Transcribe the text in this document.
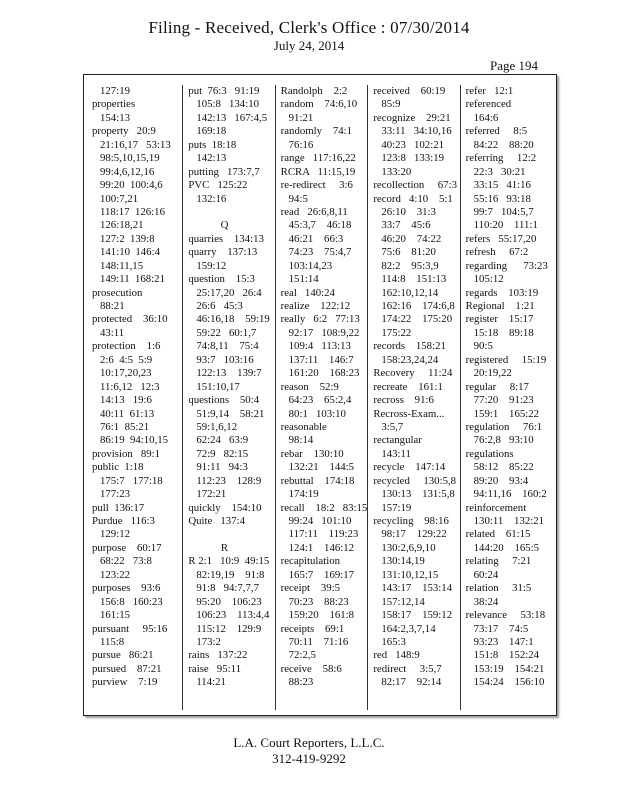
Filing - Received, Clerk's Office : 07/30/2014
July 24, 2014
Page 194
127:19
properties
154:13
property   20:9
21:16,17   53:13
98:5,10,15,19
99:4,6,12,16
99:20  100:4,6
100:7,21
118:17  126:16
126:18,21
127:2  139:8
141:10  146:4
148:11,15
149:11  168:21
prosecution
88:21
protected    36:10
43:11
protection    1:6
2:6  4:5  5:9
10:17,20,23
11:6,12   12:3
14:13   19:6
40:11  61:13
76:1  85:21
86:19  94:10,15
provision   89:1
public  1:18
175:7   177:18
177:23
pull  136:17
Purdue   116:3
129:12
purpose    60:17
68:22   73:8
123:22
purposes    93:6
156:8   160:23
161:15
pursuant     95:16
115:8
pursue   86:21
pursued    87:21
purview    7:19
put  76:3   91:19
105:8   134:10
142:13   167:4,5
169:18
puts  18:18
142:13
putting   173:7,7
PVC   125:22
132:16
Q
quarries    134:13
quarry    137:13
159:12
question    15:3
25:17,20   26:4
26:6   45:3
46:16,18    59:19
59:22   60:1,7
74:8,11    75:4
93:7   103:16
122:13    139:7
151:10,17
questions    50:4
51:9,14    58:21
59:1,6,12
62:24   63:9
72:9   82:15
91:11   94:3
112:23    128:9
172:21
quickly    154:10
Quite   137:4
R
R 2:1   10:9  49:15
82:19,19    91:8
91:8   94:7,7,7
95:20    106:23
106:23    113:4,4
115:12    129:9
173:2
rains   137:22
raise   95:11
114:21
Randolph    2:2
random    74:6,10
91:21
randomly    74:1
76:16
range   117:16,22
RCRA   11:15,19
re-redirect     3:6
94:5
read   26:6,8,11
45:3,7    46:18
46:21    66:3
74:23    75:4,7
103:14,23
151:14
real   140:24
realize    122:12
really   6:2   77:13
92:17   108:9,22
109:4   113:13
137:11    146:7
161:20    168:23
reason    52:9
64:23    65:2,4
80:1   103:10
reasonable
98:14
rebar    130:10
132:21    144:5
rebuttal    174:18
174:19
recall    18:2   83:15
99:24   101:10
117:11    119:23
124:1    146:12
recapitulation
165:7    169:17
receipt    39:5
70:23    88:23
159:20    161:8
receipts    69:1
70:11    71:16
72:2,5
receive    58:6
88:23
received    60:19
85:9
recognize    29:21
33:11   34:10,16
40:23   102:21
123:8   133:19
133:20
recollection     67:3
record   4:10    5:1
26:10    31:3
33:7    45:6
46:20    74:22
75:6    81:20
82:2    95:3,9
114:8    151:13
162:10,12,14
162:16    174:6,8
174:22    175:20
175:22
records    158:21
158:23,24,24
Recovery     11:24
recreate    161:1
recross    91:6
Recross-Exam...
3:5,7
rectangular
143:11
recycle    147:14
recycled     130:5,8
130:13    131:5,8
157:19
recycling    98:16
98:17    129:22
130:2,6,9,10
130:14,19
131:10,12,15
143:17    153:14
157:12,14
158:17    159:12
164:2,3,7,14
165:3
red   148:9
redirect     3:5,7
82:17    92:14
refer   12:1
referenced
164:6
referred     8:5
84:22    88:20
referring     12:2
22:3   30:21
33:15   41:16
55:16   93:18
99:7   104:5,7
110:20    111:1
refers   55:17,20
refresh     67:2
regarding      73:23
105:12
regards    103:19
Regional    1:21
register    15:17
15:18    89:18
90:5
registered     15:19
20:19,22
regular     8:17
77:20    91:23
159:1    165:22
regulation     76:1
76:2,8   93:10
regulations
58:12    85:22
89:20    93:4
94:11,16    160:2
reinforcement
130:11    132:21
related    61:15
144:20    165:5
relating     7:21
60:24
relation     31:5
38:24
relevance     53:18
73:17    74:5
93:23    147:1
151:8    152:24
153:19    154:21
154:24    156:10
L.A. Court Reporters, L.L.C.
312-419-9292
